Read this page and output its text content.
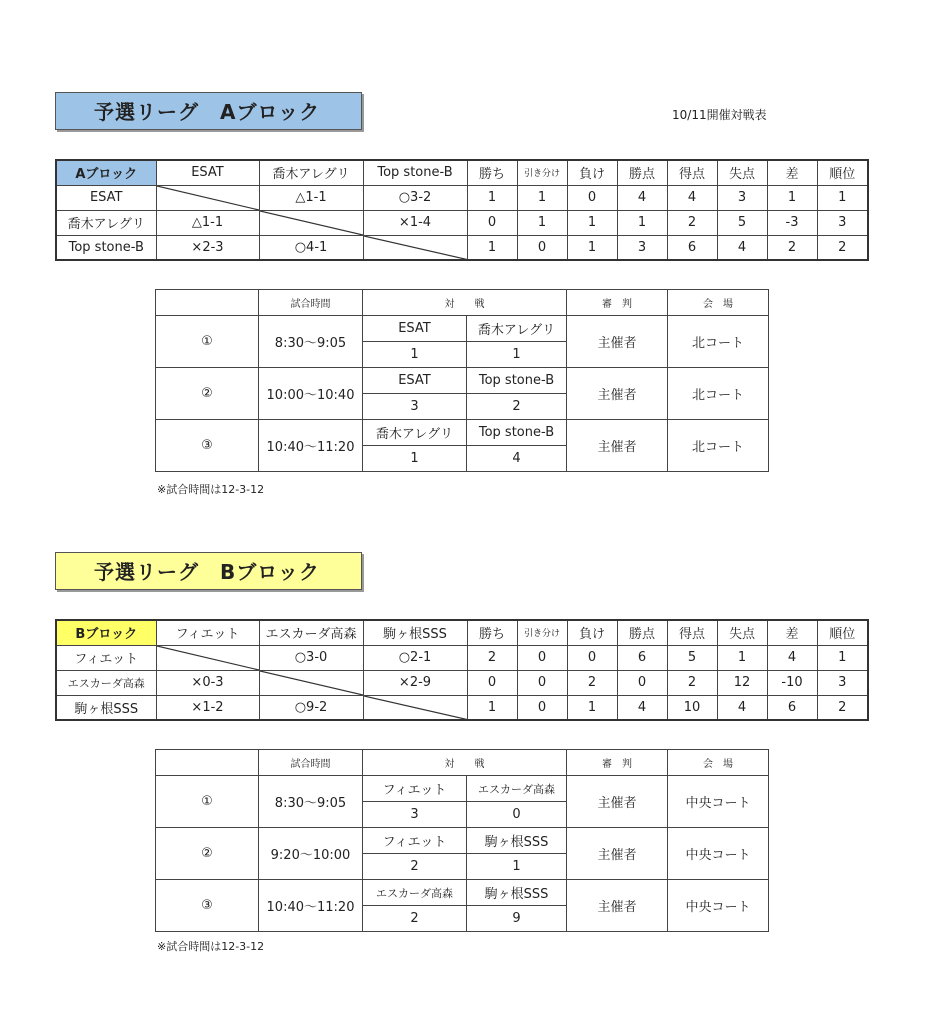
予選リーグ　Aブロック	10/11開催対戦表
Aブロック	ESAT	喬木アレグリ	Top stone-B	勝ち	引き分け	負け	勝点	得点	失点	差	順位
ESAT		△1-1	○3-2	1	1	0	4	4	3	1	1
喬木アレグリ	△1-1		×1-4	0	1	1	1	2	5	-3	3
Top stone-B	×2-3	○4-1		1	0	1	3	6	4	2	2
	試合時間	対　　戦		審　判	会　場
①	8:30〜9:05	ESAT	喬木アレグリ	主催者	北コート
		1	1		
②	10:00〜10:40	ESAT	Top stone-B	主催者	北コート
		3	2		
③	10:40〜11:20	喬木アレグリ	Top stone-B	主催者	北コート
		1	4		
※試合時間は12-3-12
予選リーグ　Bブロック
Bブロック	フィエット	エスカーダ高森	駒ヶ根SSS	勝ち	引き分け	負け	勝点	得点	失点	差	順位
フィエット		○3-0	○2-1	2	0	0	6	5	1	4	1
エスカーダ高森	×0-3		×2-9	0	0	2	0	2	12	-10	3
駒ヶ根SSS	×1-2	○9-2		1	0	1	4	10	4	6	2
	試合時間	対　　戦		審　判	会　場
①	8:30〜9:05	フィエット	エスカーダ高森	主催者	中央コート
		3	0		
②	9:20〜10:00	フィエット	駒ヶ根SSS	主催者	中央コート
		2	1		
③	10:40〜11:20	エスカーダ高森	駒ヶ根SSS	主催者	中央コート
		2	9		
※試合時間は12-3-12
